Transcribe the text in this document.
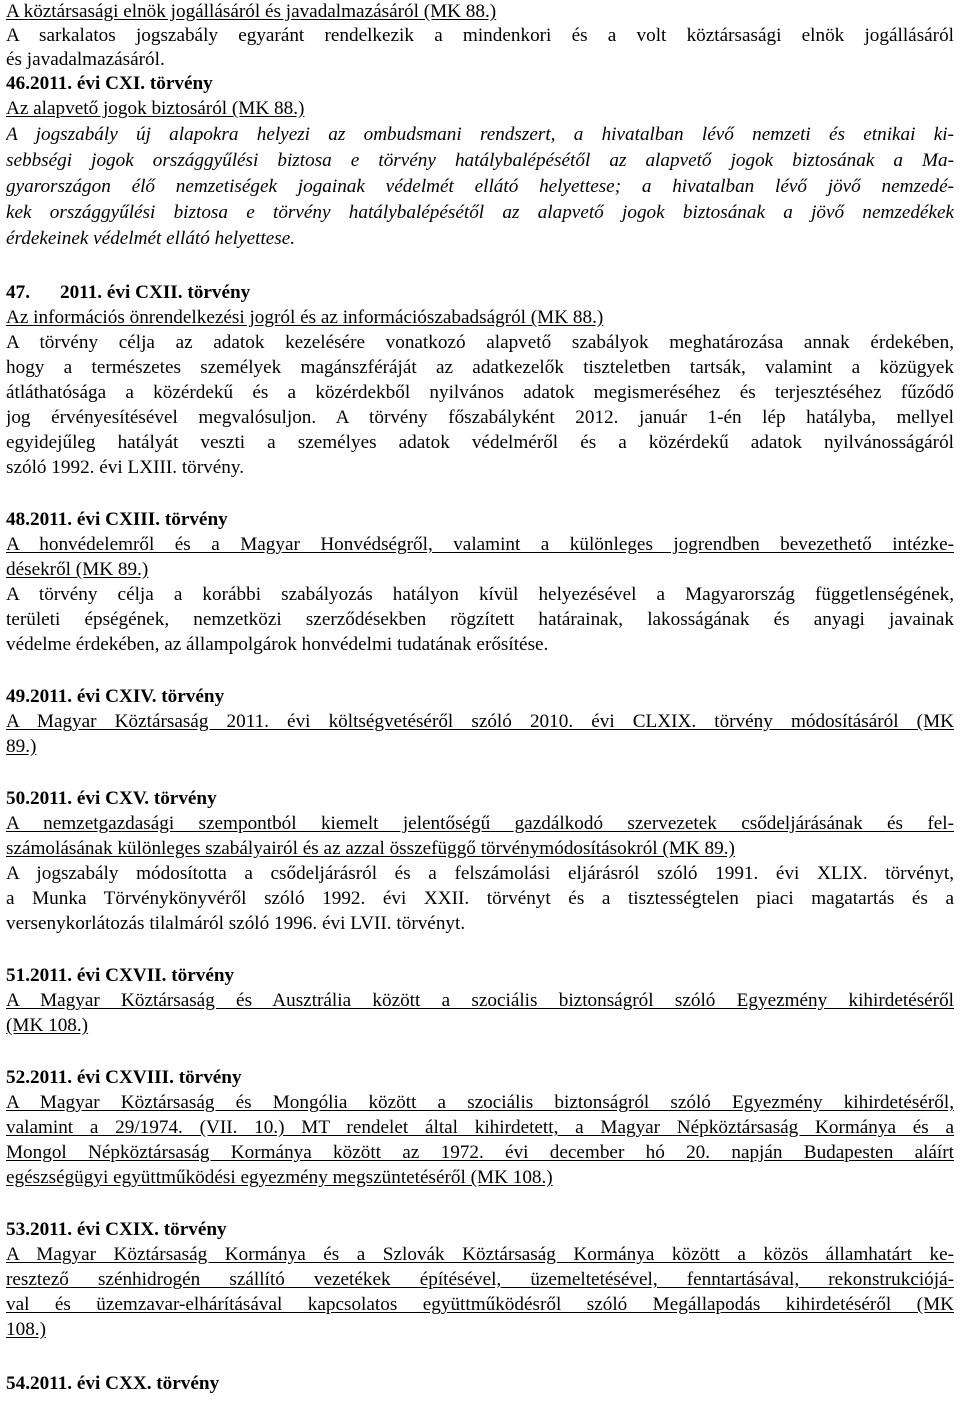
A köztársasági elnök jogállásáról és javadalmazásáról (MK 88.)
A sarkalatos jogszabály egyaránt rendelkezik a mindenkori és a volt köztársasági elnök jogállásáról
és javadalmazásáról.
46.2011. évi CXI. törvény
Az alapvető jogok biztosáról (MK 88.)
A jogszabály új alapokra helyezi az ombudsmani rendszert, a hivatalban lévő nemzeti és etnikai ki-
sebbségi jogok országgyűlési biztosa e törvény hatálybalépésétől az alapvető jogok biztosának a Ma-
gyarországon élő nemzetiségek jogainak védelmét ellátó helyettese; a hivatalban lévő jövő nemzedé-
kek országgyűlési biztosa e törvény hatálybalépésétől az alapvető jogok biztosának a jövő nemzedékek
érdekeinek védelmét ellátó helyettese.
47. 2011. évi CXII. törvény
Az információs önrendelkezési jogról és az információszabadságról (MK 88.)
A törvény célja az adatok kezelésére vonatkozó alapvető szabályok meghatározása annak érdekében,
hogy a természetes személyek magánszféráját az adatkezelők tiszteletben tartsák, valamint a közügyek
átláthatósága a közérdekű és a közérdekből nyilvános adatok megismeréséhez és terjesztéséhez fűződő
jog érvényesítésével megvalósuljon. A törvény főszabályként 2012. január 1-én lép hatályba, mellyel
egyidejűleg hatályát veszti a személyes adatok védelméről és a közérdekű adatok nyilvánosságáról
szóló 1992. évi LXIII. törvény.
48.2011. évi CXIII. törvény
A honvédelemről és a Magyar Honvédségről, valamint a különleges jogrendben bevezethető intézke-
désekről (MK 89.)
A törvény célja a korábbi szabályozás hatályon kívül helyezésével a Magyarország függetlenségének,
területi épségének, nemzetközi szerződésekben rögzített határainak, lakosságának és anyagi javainak
védelme érdekében, az állampolgárok honvédelmi tudatának erősítése.
49.2011. évi CXIV. törvény
A Magyar Köztársaság 2011. évi költségvetéséről szóló 2010. évi CLXIX. törvény módosításáról (MK
89.)
50.2011. évi CXV. törvény
A nemzetgazdasági szempontból kiemelt jelentőségű gazdálkodó szervezetek csődeljárásának és fel-
számolásának különleges szabályairól és az azzal összefüggő törvénymódosításokról (MK 89.)
A jogszabály módosította a csődeljárásról és a felszámolási eljárásról szóló 1991. évi XLIX. törvényt,
a Munka Törvénykönyvéről szóló 1992. évi XXII. törvényt és a tisztességtelen piaci magatartás és a
versenykorlátozás tilalmáról szóló 1996. évi LVII. törvényt.
51.2011. évi CXVII. törvény
A Magyar Köztársaság és Ausztrália között a szociális biztonságról szóló Egyezmény kihirdetéséről
(MK 108.)
52.2011. évi CXVIII. törvény
A Magyar Köztársaság és Mongólia között a szociális biztonságról szóló Egyezmény kihirdetéséről,
valamint a 29/1974. (VII. 10.) MT rendelet által kihirdetett, a Magyar Népköztársaság Kormánya és a
Mongol Népköztársaság Kormánya között az 1972. évi december hó 20. napján Budapesten aláírt
egészségügyi együttműködési egyezmény megszüntetéséről (MK 108.)
53.2011. évi CXIX. törvény
A Magyar Köztársaság Kormánya és a Szlovák Köztársaság Kormánya között a közös államhatárt ke-
resztező szénhidrogén szállító vezetékek építésével, üzemeltetésével, fenntartásával, rekonstrukciójá-
val és üzemzavar-elhárításával kapcsolatos együttműködésről szóló Megállapodás kihirdetéséről (MK
108.)
54.2011. évi CXX. törvény
